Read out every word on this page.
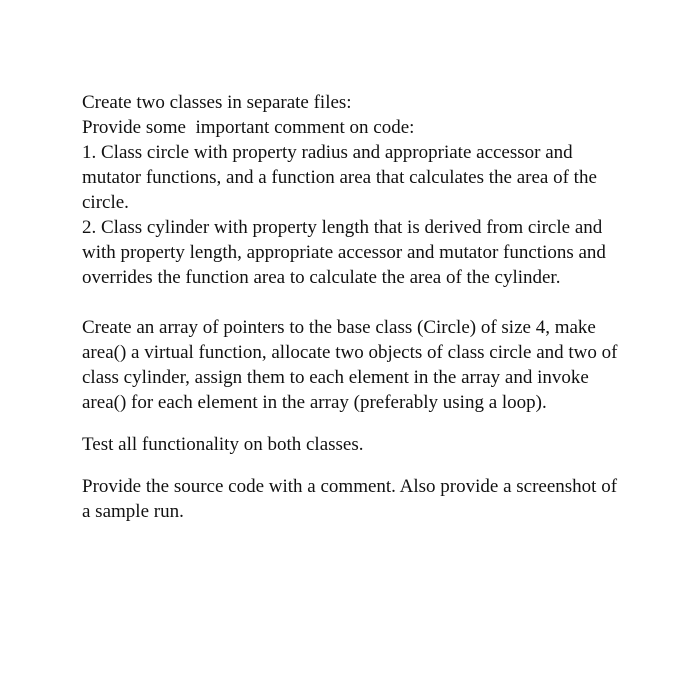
Create two classes in separate files:

Provide some  important comment on code:

1. Class circle with property radius and appropriate accessor and mutator functions, and a function area that calculates the area of the circle.

2. Class cylinder with property length that is derived from circle and with property length, appropriate accessor and mutator functions and overrides the function area to calculate the area of the cylinder.

Create an array of pointers to the base class (Circle) of size 4, make area() a virtual function, allocate two objects of class circle and two of class cylinder, assign them to each element in the array and invoke area() for each element in the array (preferably using a loop).

Test all functionality on both classes.

Provide the source code with a comment. Also provide a screenshot of a sample run.
